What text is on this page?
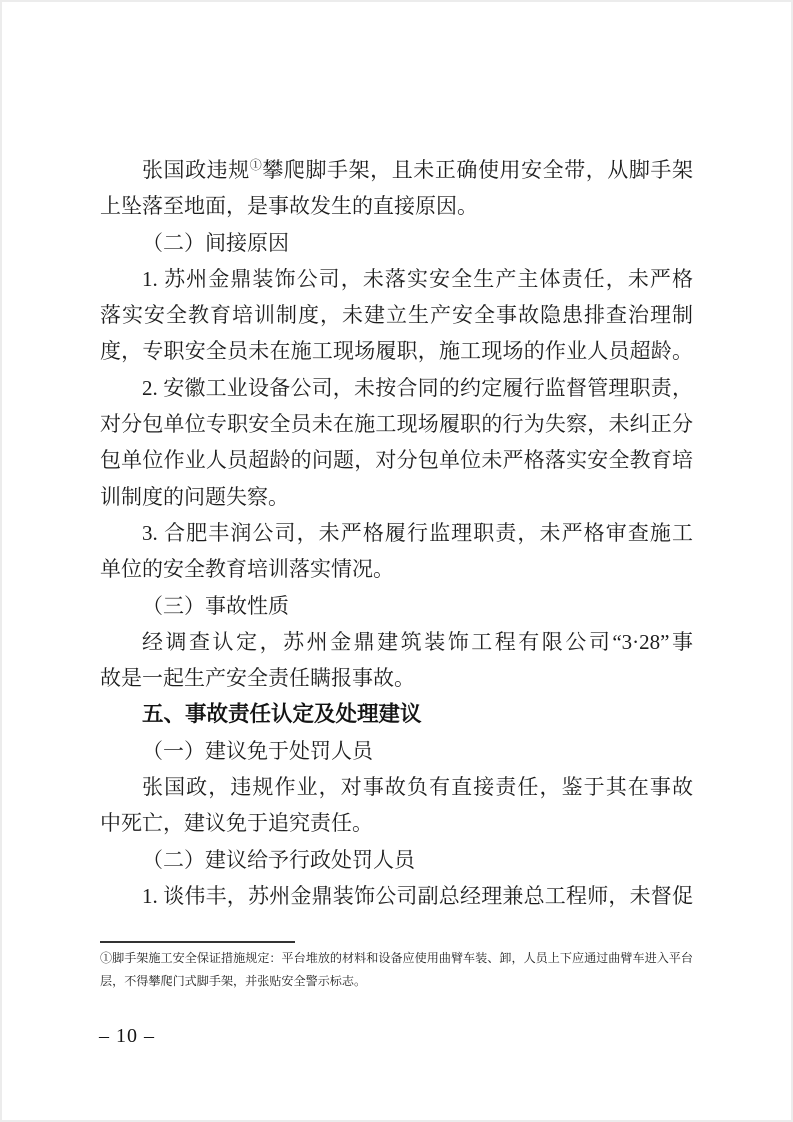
张国政违规①攀爬脚手架，且未正确使用安全带，从脚手架
上坠落至地面，是事故发生的直接原因。
（二）间接原因
1. 苏州金鼎装饰公司，未落实安全生产主体责任，未严格
落实安全教育培训制度，未建立生产安全事故隐患排查治理制
度，专职安全员未在施工现场履职，施工现场的作业人员超龄。
2. 安徽工业设备公司，未按合同的约定履行监督管理职责，
对分包单位专职安全员未在施工现场履职的行为失察，未纠正分
包单位作业人员超龄的问题，对分包单位未严格落实安全教育培
训制度的问题失察。
3. 合肥丰润公司，未严格履行监理职责，未严格审查施工
单位的安全教育培训落实情况。
（三）事故性质
经调查认定，苏州金鼎建筑装饰工程有限公司“3·28”事
故是一起生产安全责任瞒报事故。
五、事故责任认定及处理建议
（一）建议免于处罚人员
张国政，违规作业，对事故负有直接责任，鉴于其在事故
中死亡，建议免于追究责任。
（二）建议给予行政处罚人员
1. 谈伟丰，苏州金鼎装饰公司副总经理兼总工程师，未督促
①脚手架施工安全保证措施规定：平台堆放的材料和设备应使用曲臂车装、卸，人员上下应通过曲臂车进入平台
层，不得攀爬门式脚手架，并张贴安全警示标志。
– 10 –
